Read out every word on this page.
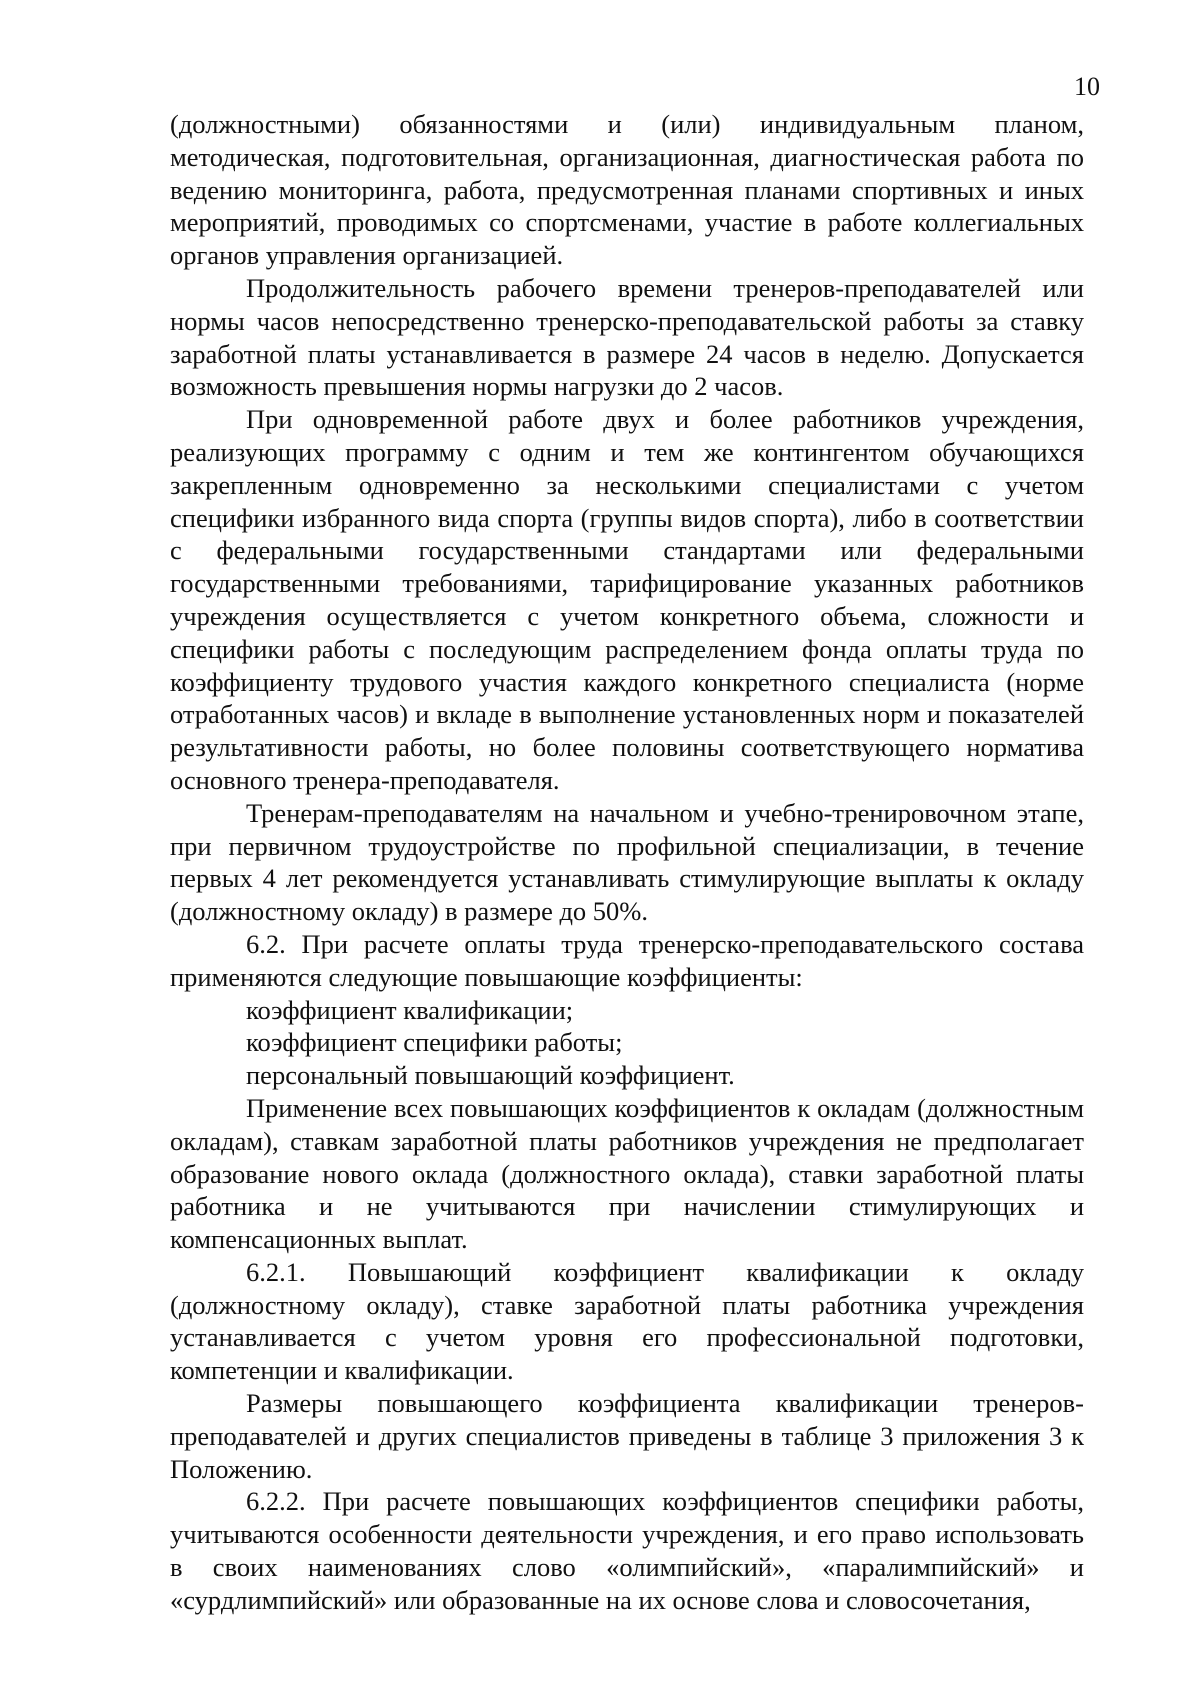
10

(должностными) обязанностями и (или) индивидуальным планом, методическая, подготовительная, организационная, диагностическая работа по ведению мониторинга, работа, предусмотренная планами спортивных и иных мероприятий, проводимых со спортсменами, участие в работе коллегиальных органов управления организацией.

Продолжительность рабочего времени тренеров-преподавателей или нормы часов непосредственно тренерско-преподавательской работы за ставку заработной платы устанавливается в размере 24 часов в неделю. Допускается возможность превышения нормы нагрузки до 2 часов.

При одновременной работе двух и более работников учреждения, реализующих программу с одним и тем же контингентом обучающихся закрепленным одновременно за несколькими специалистами с учетом специфики избранного вида спорта (группы видов спорта), либо в соответствии с федеральными государственными стандартами или федеральными государственными требованиями, тарифицирование указанных работников учреждения осуществляется с учетом конкретного объема, сложности и специфики работы с последующим распределением фонда оплаты труда по коэффициенту трудового участия каждого конкретного специалиста (норме отработанных часов) и вкладе в выполнение установленных норм и показателей результативности работы, но более половины соответствующего норматива основного тренера-преподавателя.

Тренерам-преподавателям на начальном и учебно-тренировочном этапе, при первичном трудоустройстве по профильной специализации, в течение первых 4 лет рекомендуется устанавливать стимулирующие выплаты к окладу (должностному окладу) в размере до 50%.

6.2. При расчете оплаты труда тренерско-преподавательского состава применяются следующие повышающие коэффициенты:

коэффициент квалификации;

коэффициент специфики работы;

персональный повышающий коэффициент.

Применение всех повышающих коэффициентов к окладам (должностным окладам), ставкам заработной платы работников учреждения не предполагает образование нового оклада (должностного оклада), ставки заработной платы работника и не учитываются при начислении стимулирующих и компенсационных выплат.

6.2.1. Повышающий коэффициент квалификации к окладу (должностному окладу), ставке заработной платы работника учреждения устанавливается с учетом уровня его профессиональной подготовки, компетенции и квалификации.

Размеры повышающего коэффициента квалификации тренеров-преподавателей и других специалистов приведены в таблице 3 приложения 3 к Положению.

6.2.2. При расчете повышающих коэффициентов специфики работы, учитываются особенности деятельности учреждения, и его право использовать в своих наименованиях слово «олимпийский», «паралимпийский» и «сурдлимпийский» или образованные на их основе слова и словосочетания,
